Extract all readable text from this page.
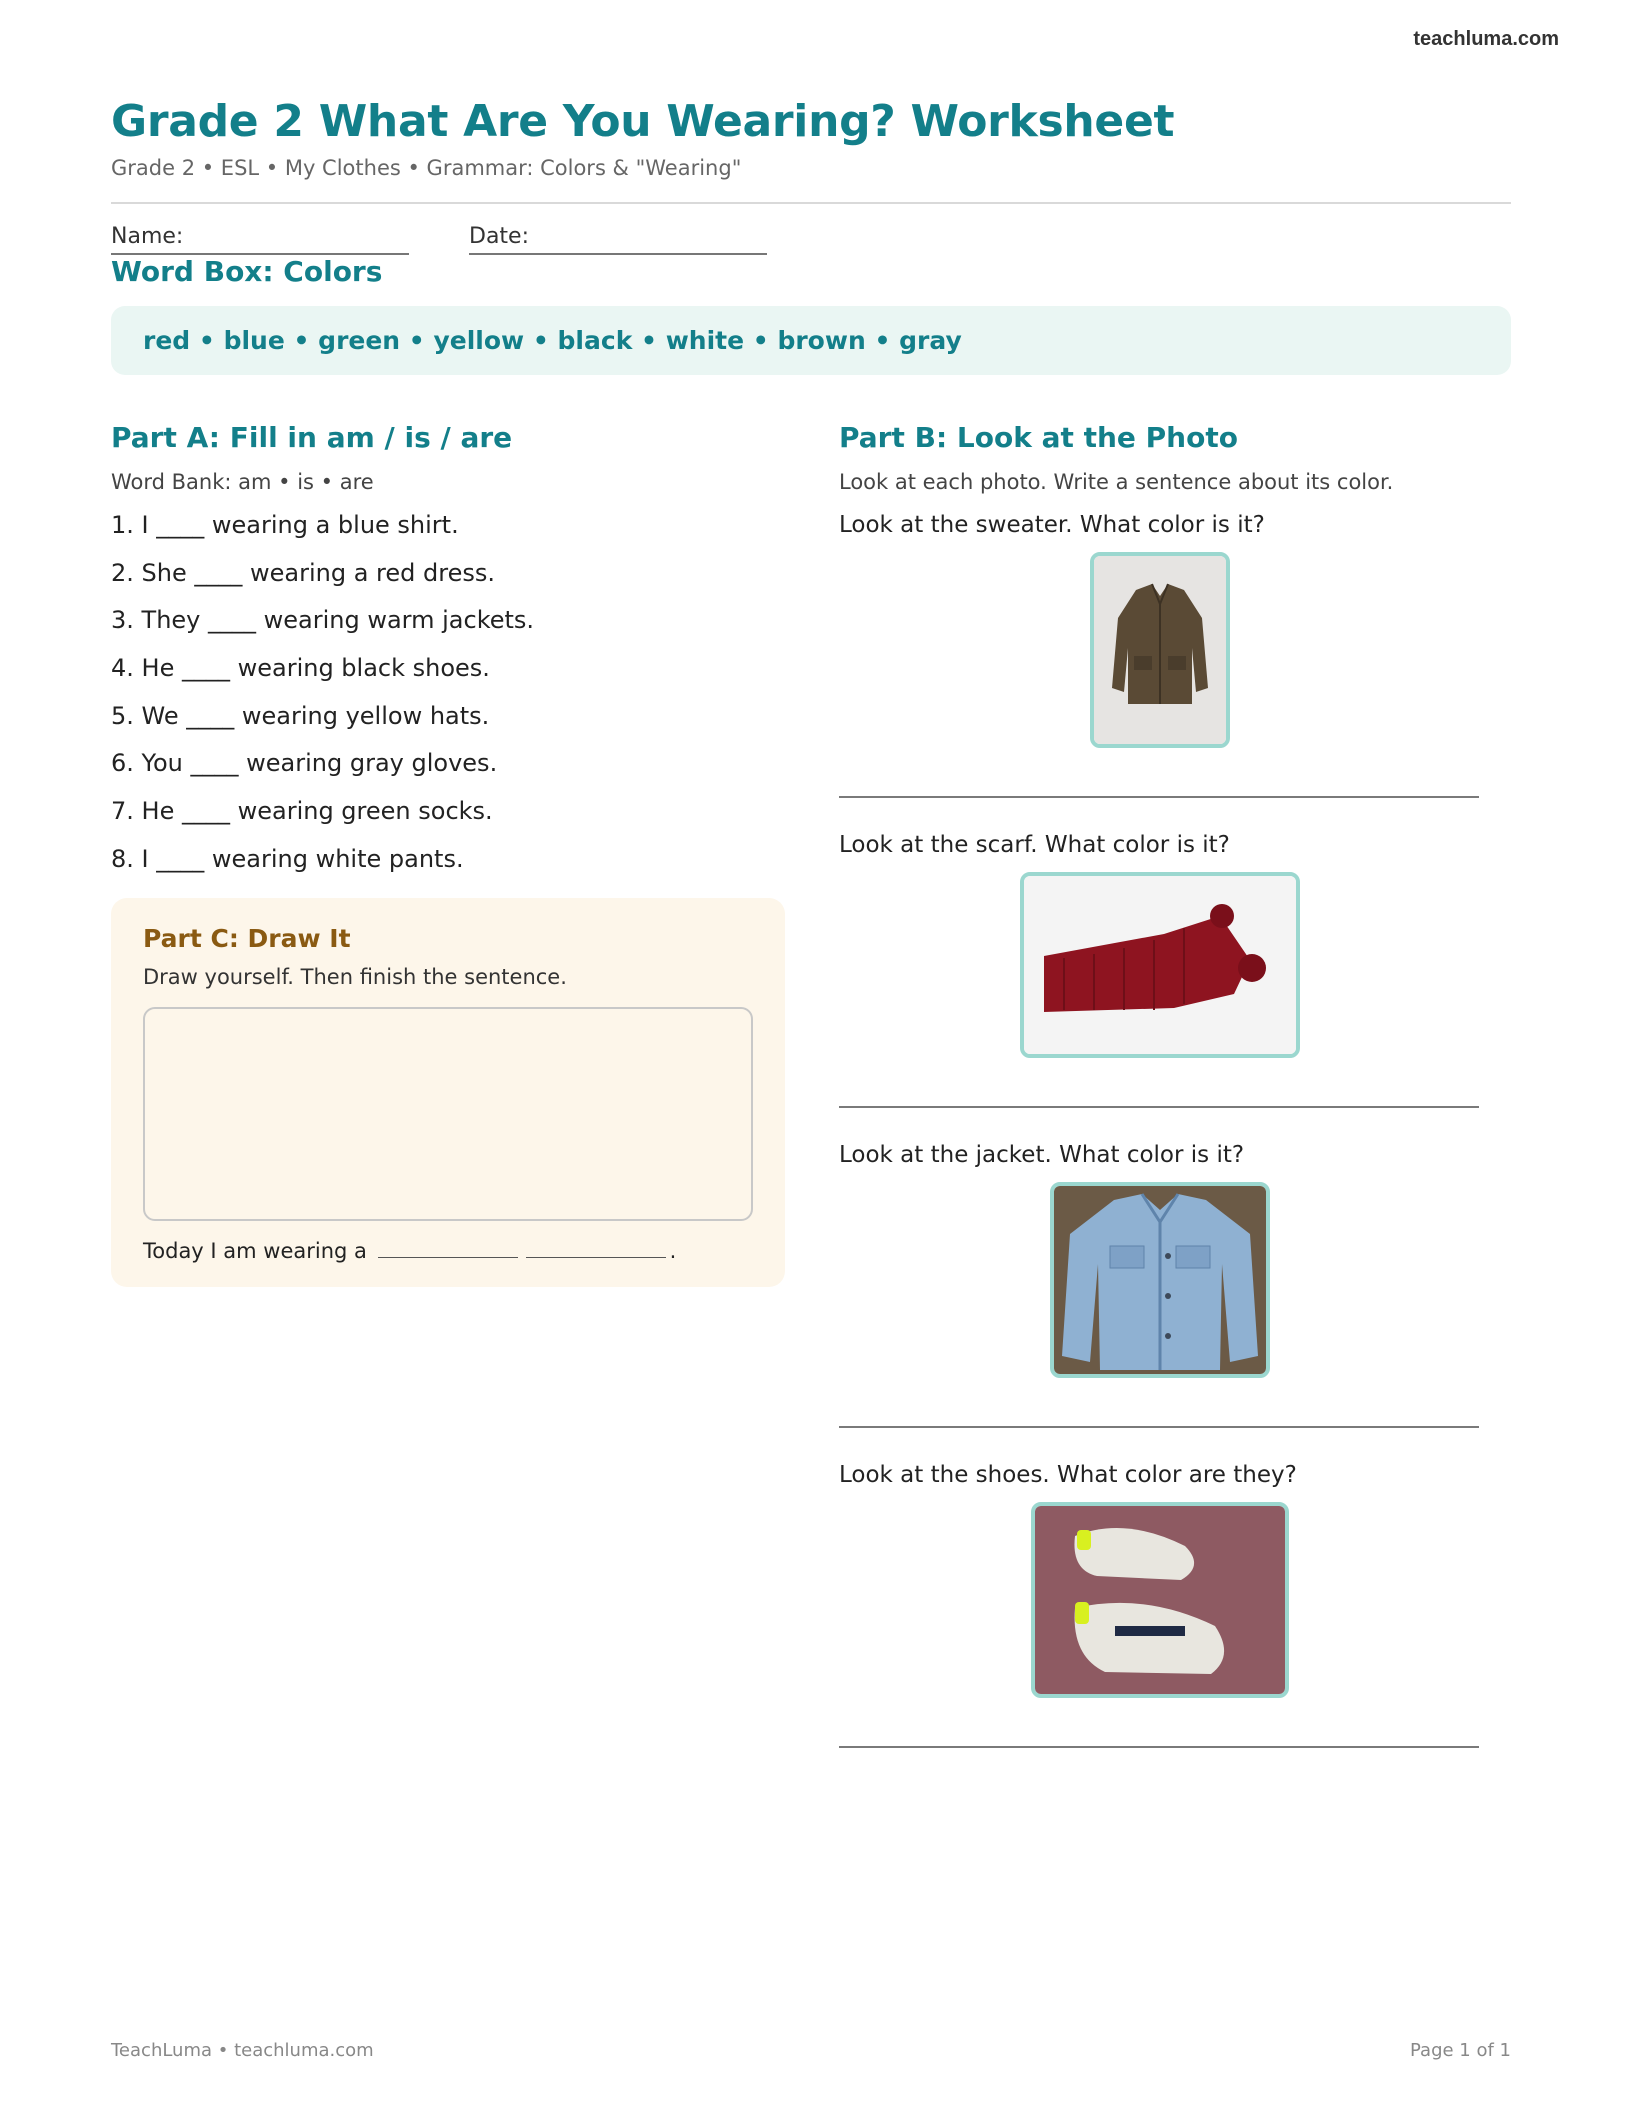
teachluma.com
Grade 2 What Are You Wearing? Worksheet
Grade 2 • ESL • My Clothes • Grammar: Colors & "Wearing"
Name:	Date:
Word Box: Colors
red • blue • green • yellow • black • white • brown • gray
Part A: Fill in am / is / are
Word Bank: am • is • are
1. I ____ wearing a blue shirt.
2. She ____ wearing a red dress.
3. They ____ wearing warm jackets.
4. He ____ wearing black shoes.
5. We ____ wearing yellow hats.
6. You ____ wearing gray gloves.
7. He ____ wearing green socks.
8. I ____ wearing white pants.
Part C: Draw It
Draw yourself. Then finish the sentence.
Today I am wearing a	.
Part B: Look at the Photo
Look at each photo. Write a sentence about its color.
Look at the sweater. What color is it?
Look at the scarf. What color is it?
Look at the jacket. What color is it?
Look at the shoes. What color are they?
TeachLuma • teachluma.com	Page 1 of 1
